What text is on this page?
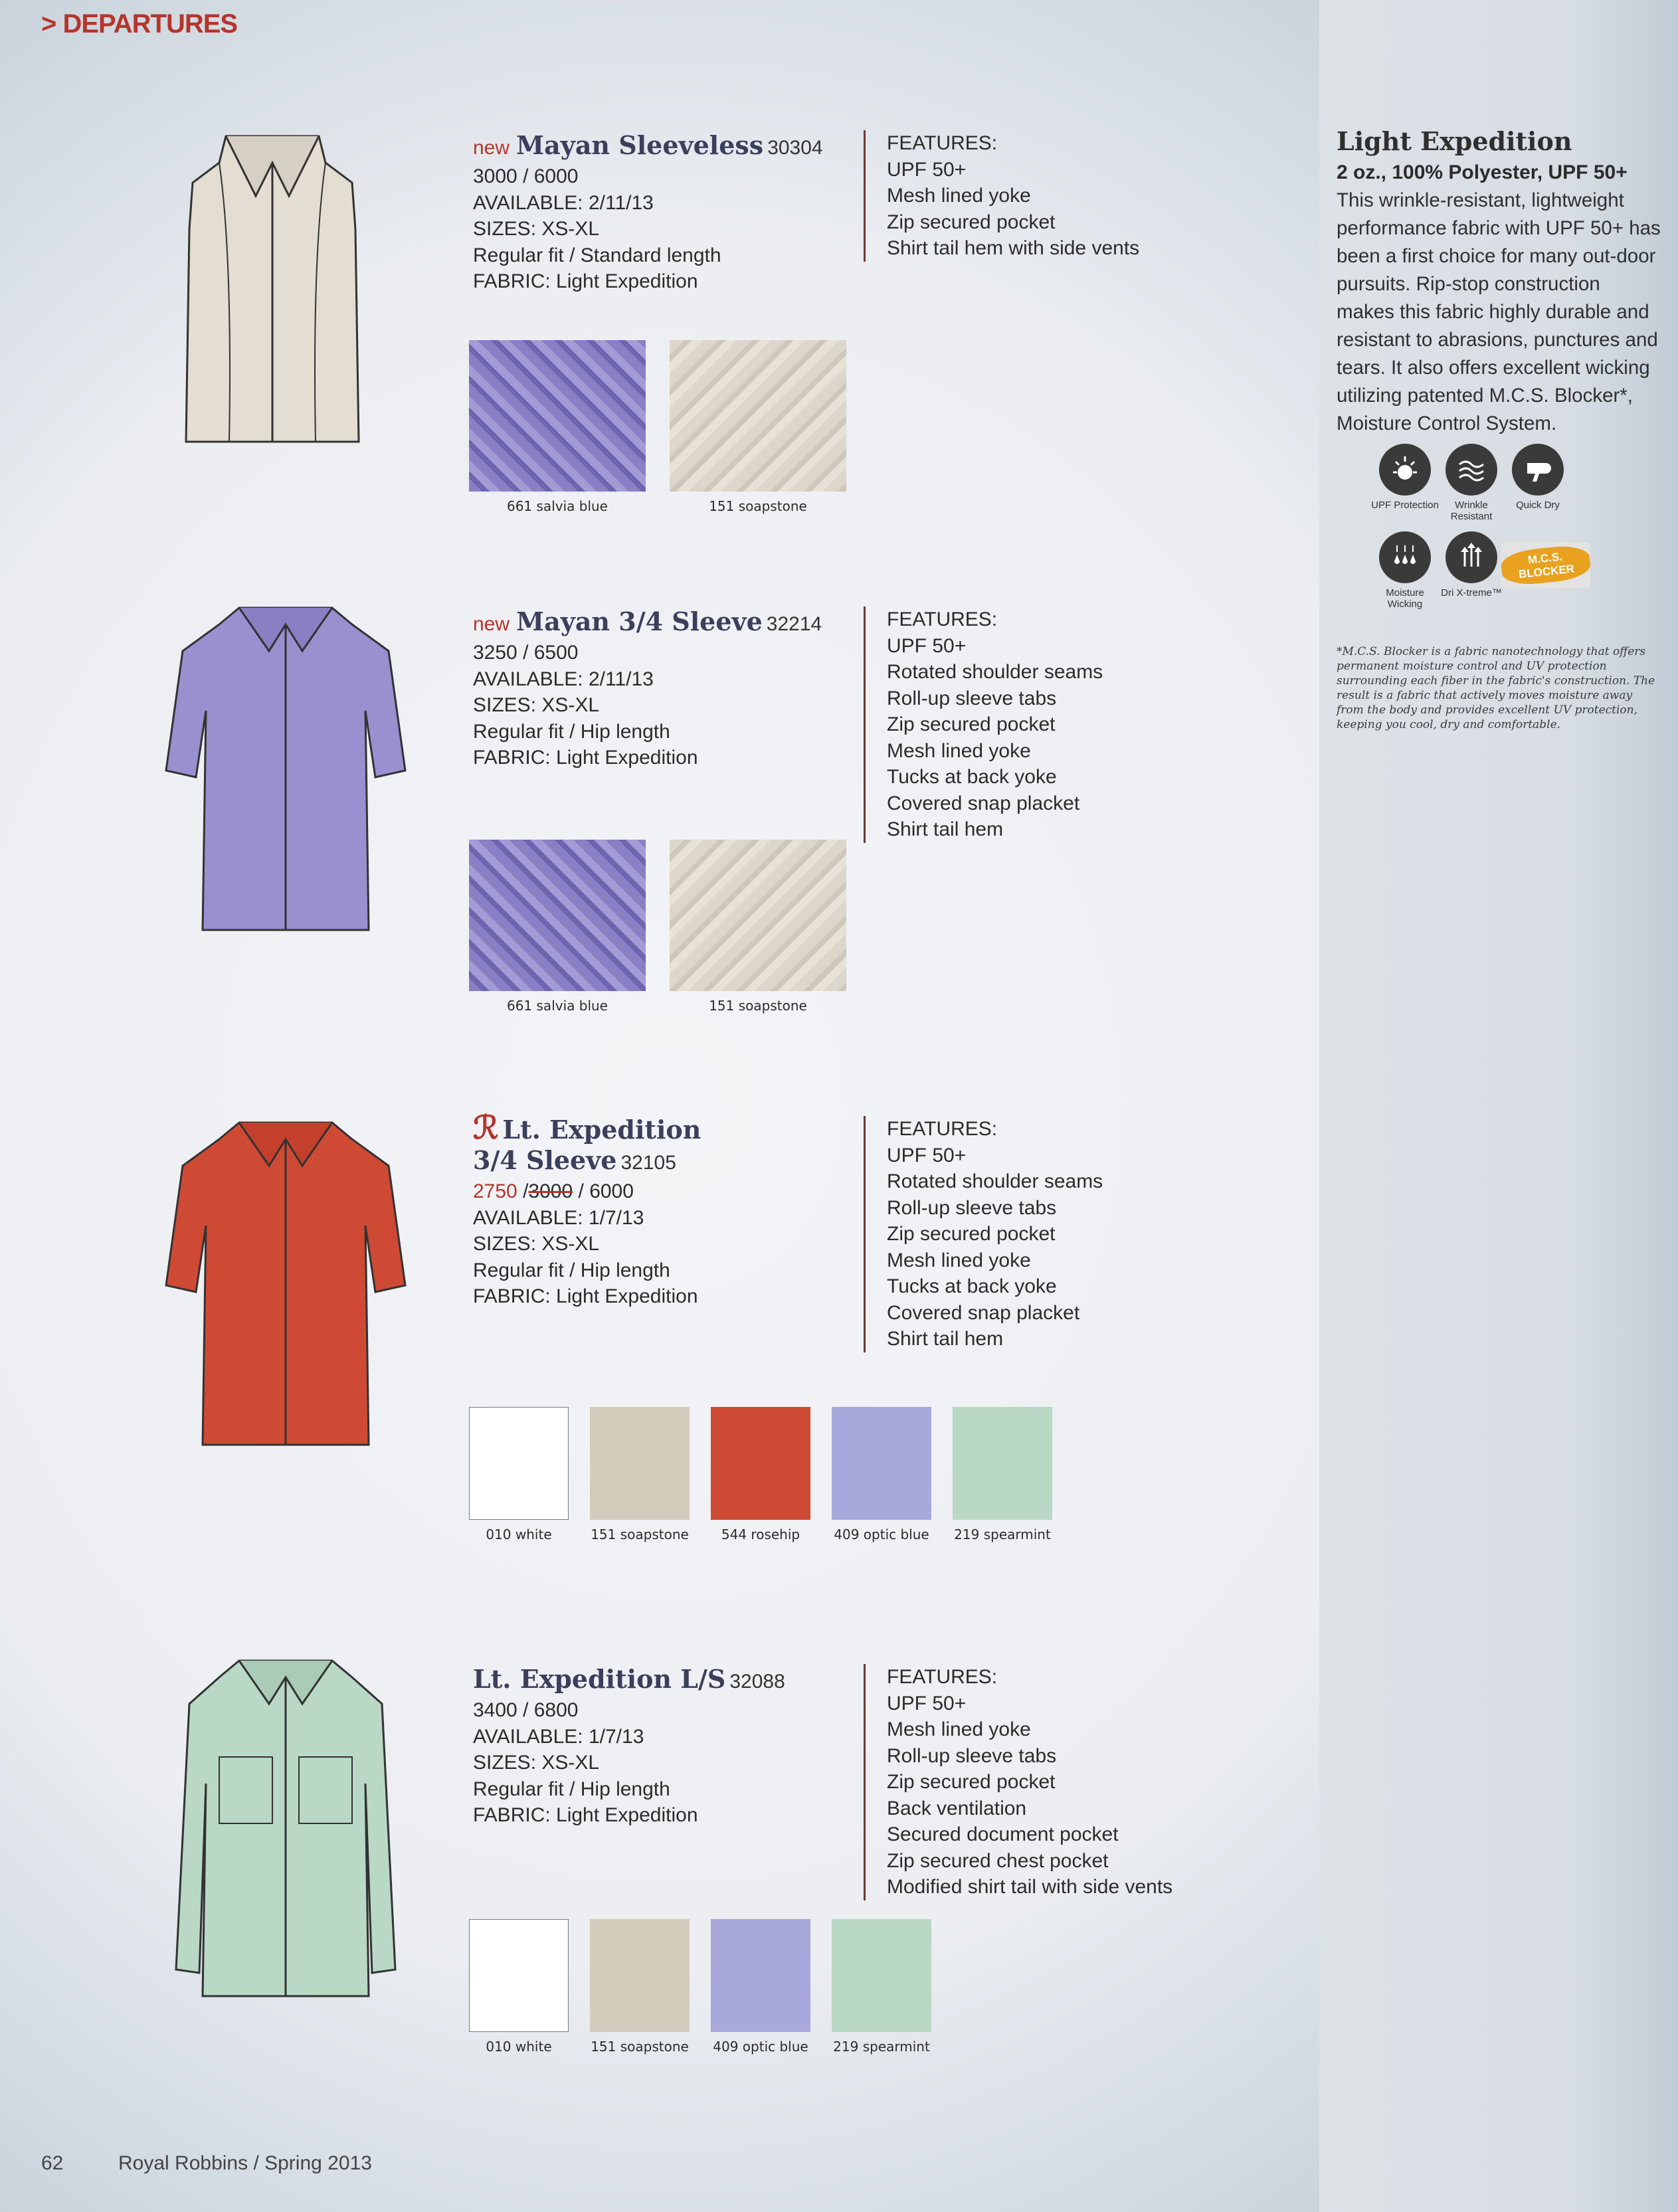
> DEPARTURES
new Mayan Sleeveless 30304
3000 / 6000
AVAILABLE: 2/11/13
SIZES: XS-XL
Regular fit / Standard length
FABRIC: Light Expedition
FEATURES:
UPF 50+
Mesh lined yoke
Zip secured pocket
Shirt tail hem with side vents
661 salvia blue	151 soapstone
new Mayan 3/4 Sleeve 32214
3250 / 6500
AVAILABLE: 2/11/13
SIZES: XS-XL
Regular fit / Hip length
FABRIC: Light Expedition
FEATURES:
UPF 50+
Rotated shoulder seams
Roll-up sleeve tabs
Zip secured pocket
Mesh lined yoke
Tucks at back yoke
Covered snap placket
Shirt tail hem
661 salvia blue	151 soapstone
ℛ Lt. Expedition
3/4 Sleeve 32105
2750 /3000 / 6000
AVAILABLE: 1/7/13
SIZES: XS-XL
Regular fit / Hip length
FABRIC: Light Expedition
FEATURES:
UPF 50+
Rotated shoulder seams
Roll-up sleeve tabs
Zip secured pocket
Mesh lined yoke
Tucks at back yoke
Covered snap placket
Shirt tail hem
010 white	151 soapstone	544 rosehip	409 optic blue 219 spearmint
Lt. Expedition L/S 32088
3400 / 6800
AVAILABLE: 1/7/13
SIZES: XS-XL
Regular fit / Hip length
FABRIC: Light Expedition
FEATURES:
UPF 50+
Mesh lined yoke
Roll-up sleeve tabs
Zip secured pocket
Back ventilation
Secured document pocket
Zip secured chest pocket
Modified shirt tail with side vents
010 white	151 soapstone 409 optic blue 219 spearmint
Light Expedition
2 oz., 100% Polyester, UPF 50+
This wrinkle-resistant, lightweight performance fabric with UPF 50+ has been a first choice for many out-door pursuits. Rip-stop construction makes this fabric highly durable and resistant to abrasions, punctures and tears. It also offers excellent wicking utilizing patented M.C.S. Blocker*, Moisture Control System.
UPF Protection	Wrinkle Resistant
Quick Dry
Moisture Wicking
Dri X-treme™
M.C.S. BLOCKER
*M.C.S. Blocker is a fabric nanotechnology that offers permanent moisture control and UV protection surrounding each fiber in the fabric's construction. The result is a fabric that actively moves moisture away from the body and provides excellent UV protection, keeping you cool, dry and comfortable.
62	Royal Robbins / Spring 2013
